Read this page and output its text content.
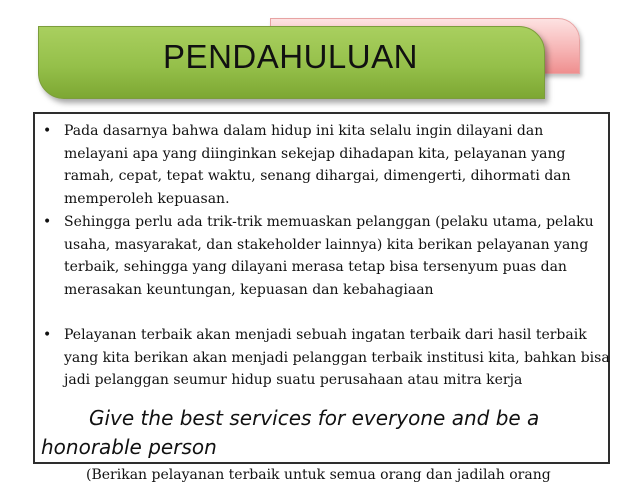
PENDAHULUAN
• Pada dasarnya bahwa dalam hidup ini kita selalu ingin dilayani dan melayani apa yang diinginkan sekejap dihadapan kita, pelayanan yang ramah, cepat, tepat waktu, senang dihargai, dimengerti, dihormati dan memperoleh kepuasan.
• Sehingga perlu ada trik-trik memuaskan pelanggan (pelaku utama, pelaku usaha, masyarakat, dan stakeholder lainnya) kita berikan pelayanan yang terbaik, sehingga yang dilayani merasa tetap bisa tersenyum puas dan merasakan keuntungan, kepuasan dan kebahagiaan
• Pelayanan terbaik akan menjadi sebuah ingatan terbaik dari hasil terbaik yang kita berikan akan menjadi pelanggan terbaik institusi kita, bahkan bisa jadi pelanggan seumur hidup suatu perusahaan atau mitra kerja
Give the best services for everyone and be a honorable person
(Berikan pelayanan terbaik untuk semua orang dan jadilah orang
